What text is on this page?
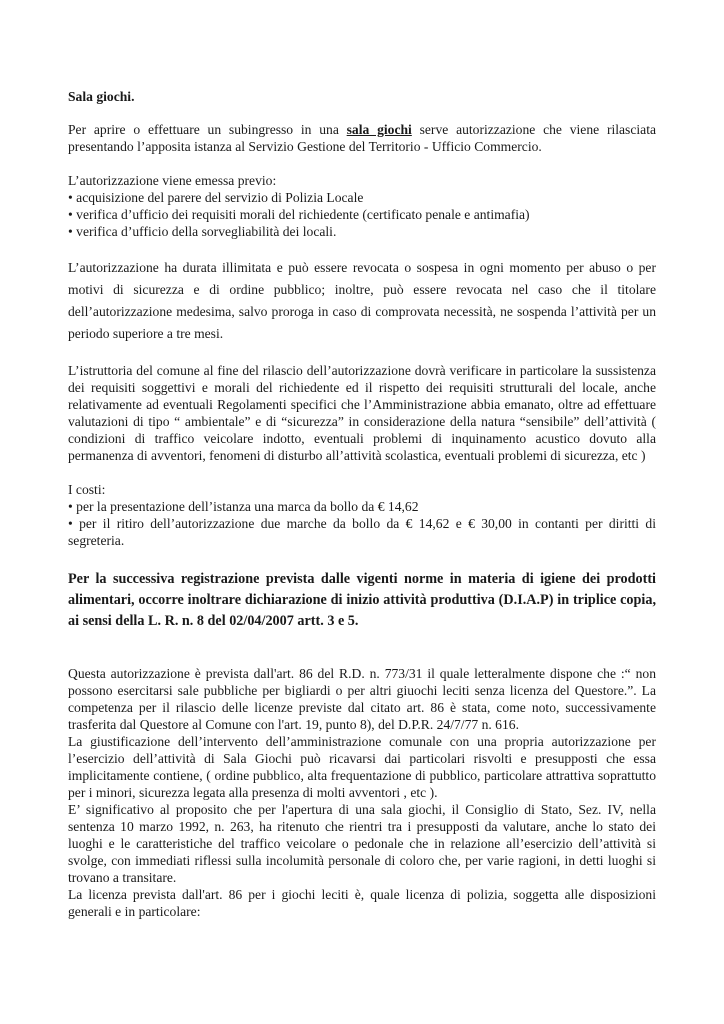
Sala giochi.

Per aprire o effettuare un subingresso in una sala giochi serve autorizzazione che viene rilasciata presentando l’apposita istanza al Servizio Gestione del Territorio - Ufficio Commercio.

L’autorizzazione viene emessa previo:
• acquisizione del parere del servizio di Polizia Locale
• verifica d’ufficio dei requisiti morali del richiedente (certificato penale e antimafia)
• verifica d’ufficio della sorvegliabilità dei locali.

L’autorizzazione ha durata illimitata e può essere revocata o sospesa in ogni momento per abuso o per motivi di sicurezza e di ordine pubblico; inoltre, può essere revocata nel caso che il titolare dell’autorizzazione medesima, salvo proroga in caso di comprovata necessità, ne sospenda l’attività per un periodo superiore a tre mesi.

L’istruttoria del comune al fine del rilascio dell’autorizzazione dovrà verificare in particolare la sussistenza dei requisiti soggettivi e morali del richiedente ed il rispetto dei requisiti strutturali del locale, anche relativamente ad eventuali Regolamenti specifici che l’Amministrazione abbia emanato, oltre ad effettuare valutazioni di tipo “ ambientale” e di “sicurezza” in considerazione della natura “sensibile” dell’attività ( condizioni di traffico veicolare indotto, eventuali problemi di inquinamento acustico dovuto alla permanenza di avventori, fenomeni di disturbo all’attività scolastica, eventuali problemi di sicurezza, etc )

I costi:
• per la presentazione dell’istanza una marca da bollo da € 14,62

• per il ritiro dell’autorizzazione due marche da bollo da € 14,62 e € 30,00 in contanti per diritti di segreteria.

Per la successiva registrazione prevista dalle vigenti norme in materia di igiene dei prodotti alimentari, occorre inoltrare dichiarazione di inizio attività produttiva (D.I.A.P) in triplice copia, ai sensi della L. R. n. 8 del 02/04/2007 artt. 3 e 5.

Questa autorizzazione è prevista dall'art. 86 del R.D. n. 773/31 il quale letteralmente dispone che :“ non possono esercitarsi sale pubbliche per bigliardi o per altri giuochi leciti senza licenza del Questore.”. La competenza per il rilascio delle licenze previste dal citato art. 86 è stata, come noto, successivamente trasferita dal Questore al Comune con l'art. 19, punto 8), del D.P.R. 24/7/77 n. 616.

La giustificazione dell’intervento dell’amministrazione comunale con una propria autorizzazione per l’esercizio dell’attività di Sala Giochi può ricavarsi dai particolari risvolti e presupposti che essa implicitamente contiene, ( ordine pubblico, alta frequentazione di pubblico, particolare attrattiva soprattutto per i minori, sicurezza legata alla presenza di molti avventori , etc ).

E’ significativo al proposito che per l'apertura di una sala giochi, il Consiglio di Stato, Sez. IV, nella sentenza 10 marzo 1992, n. 263, ha ritenuto che rientri tra i presupposti da valutare, anche lo stato dei luoghi e le caratteristiche del traffico veicolare o pedonale che in relazione all’esercizio dell’attività si svolge, con immediati riflessi sulla incolumità personale di coloro che, per varie ragioni, in detti luoghi si trovano a transitare.

La licenza prevista dall'art. 86 per i giochi leciti è, quale licenza di polizia, soggetta alle disposizioni generali e in particolare:
